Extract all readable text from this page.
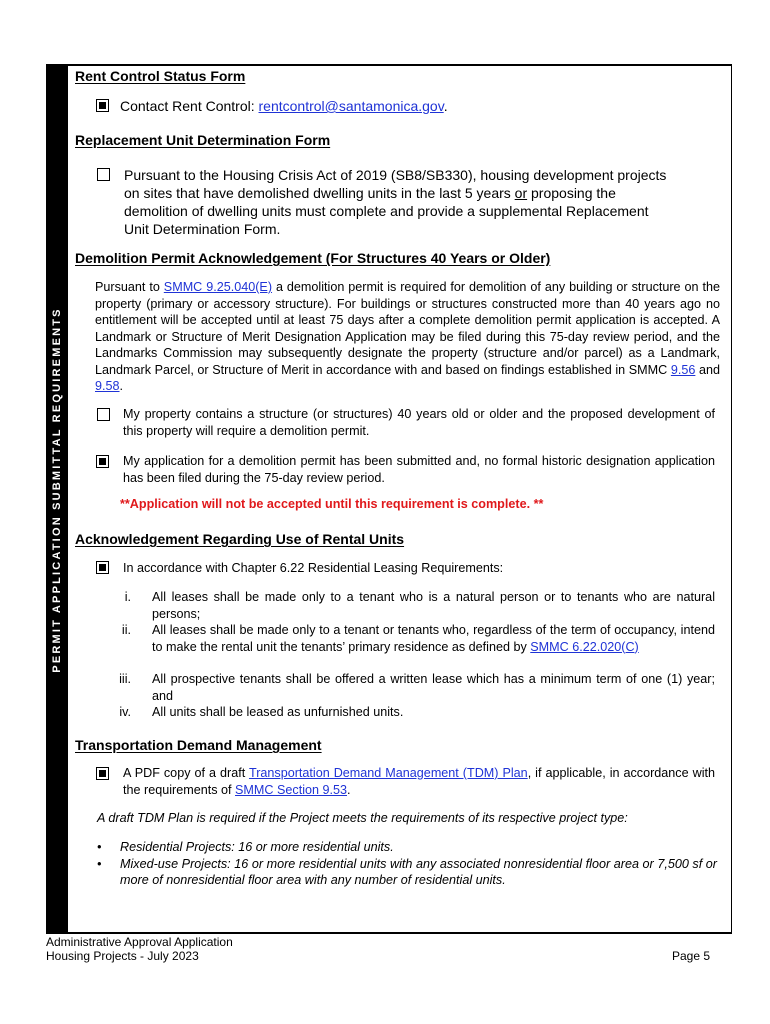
PERMIT APPLICATION SUBMITTAL REQUIREMENTS
Rent Control Status Form
Contact Rent Control: rentcontrol@santamonica.gov.
Replacement Unit Determination Form
Pursuant to the Housing Crisis Act of 2019 (SB8/SB330), housing development projects
on sites that have demolished dwelling units in the last 5 years or proposing the
demolition of dwelling units must complete and provide a supplemental Replacement
Unit Determination Form.
Demolition Permit Acknowledgement (For Structures 40 Years or Older)
Pursuant to SMMC 9.25.040(E) a demolition permit is required for demolition of any building or structure on the property (primary or accessory structure). For buildings or structures constructed more than 40 years ago no entitlement will be accepted until at least 75 days after a complete demolition permit application is accepted. A Landmark or Structure of Merit Designation Application may be filed during this 75-day review period, and the Landmarks Commission may subsequently designate the property (structure and/or parcel) as a Landmark, Landmark Parcel, or Structure of Merit in accordance with and based on findings established in SMMC 9.56 and 9.58.
My property contains a structure (or structures) 40 years old or older and the proposed development of this property will require a demolition permit.
My application for a demolition permit has been submitted and, no formal historic designation application has been filed during the 75-day review period.
**Application will not be accepted until this requirement is complete. **
Acknowledgement Regarding Use of Rental Units
In accordance with Chapter 6.22 Residential Leasing Requirements:
i. All leases shall be made only to a tenant who is a natural person or to tenants who are natural persons;
ii. All leases shall be made only to a tenant or tenants who, regardless of the term of occupancy, intend to make the rental unit the tenants’ primary residence as defined by SMMC 6.22.020(C)
iii. All prospective tenants shall be offered a written lease which has a minimum term of one (1) year; and
iv. All units shall be leased as unfurnished units.
Transportation Demand Management
A PDF copy of a draft Transportation Demand Management (TDM) Plan, if applicable, in accordance with the requirements of SMMC Section 9.53.
A draft TDM Plan is required if the Project meets the requirements of its respective project type:
• Residential Projects: 16 or more residential units.
• Mixed-use Projects: 16 or more residential units with any associated nonresidential floor area or 7,500 sf or more of nonresidential floor area with any number of residential units.
Administrative Approval Application
Housing Projects - July 2023	Page 5
